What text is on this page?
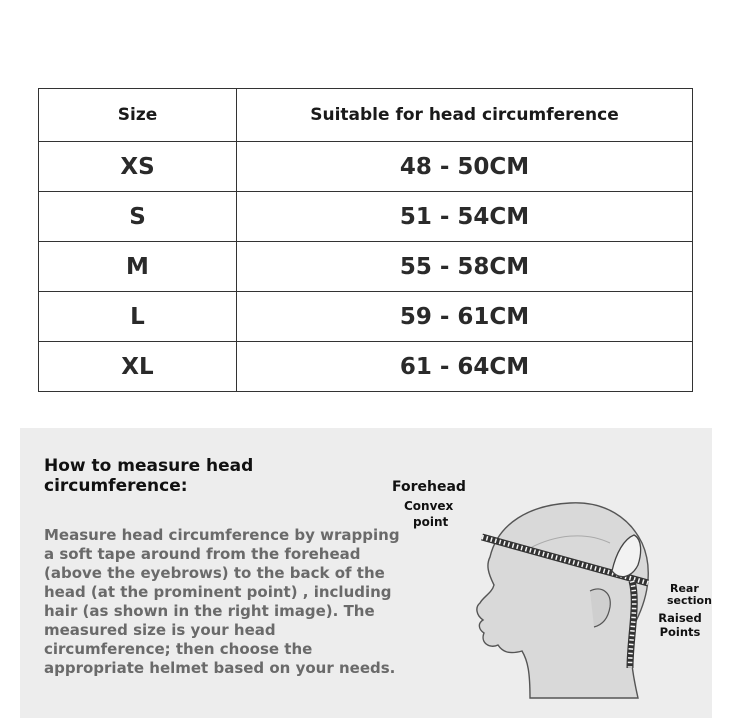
Size	Suitable for head circumference
XS	48 - 50CM
S	51 - 54CM
M	55 - 58CM
L	59 - 61CM
XL	61 - 64CM
How to measure head circumference:

Measure head circumference by wrapping a soft tape around from the forehead (above the eyebrows) to the back of the head (at the prominent point) , including hair (as shown in the right image). The measured size is your head circumference; then choose the appropriate helmet based on your needs.

Forehead
Convex
point
Rear
section
Raised Points
